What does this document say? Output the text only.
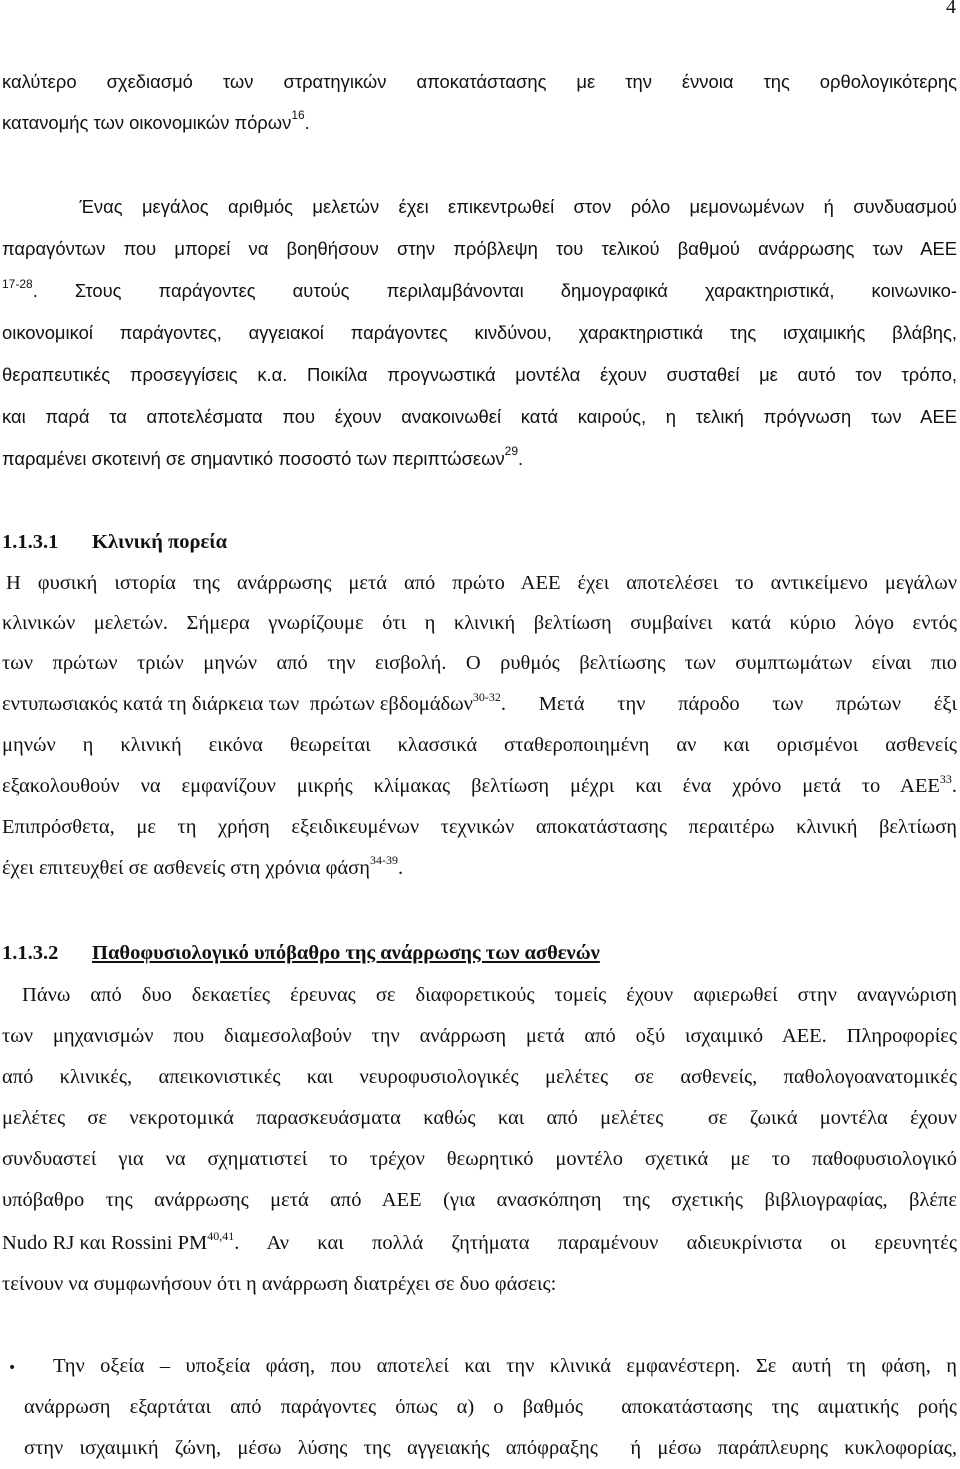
4
καλύτερο σχεδιασμό των στρατηγικών αποκατάστασης με την έννοια της ορθολογικότερης
κατανομής των οικονομικών πόρων$^{16}$.
Ένας μεγάλος αριθμός μελετών έχει επικεντρωθεί στον ρόλο μεμονωμένων ή συνδυασμού
παραγόντων που μπορεί να βοηθήσουν στην πρόβλεψη του τελικού βαθμού ανάρρωσης των ΑΕΕ
$^{17-28}$ . Στους παράγοντες αυτούς περιλαμβάνονται δημογραφικά χαρακτηριστικά, κοινωνικο-
οικονομικοί παράγοντες, αγγειακοί παράγοντες κινδύνου, χαρακτηριστικά της ισχαιμικής βλάβης,
θεραπευτικές προσεγγίσεις κ.α. Ποικίλα προγνωστικά μοντέλα έχουν συσταθεί με αυτό τον τρόπο,
και παρά τα αποτελέσματα που έχουν ανακοινωθεί κατά καιρούς, η τελική πρόγνωση των ΑΕΕ
παραμένει σκοτεινή σε σημαντικό ποσοστό των περιπτώσεων$^{29}$.
1.1.3.1 Κλινική πορεία
Η φυσική ιστορία της ανάρρωσης μετά από πρώτο ΑΕΕ έχει αποτελέσει το αντικείμενο μεγάλων
κλινικών μελετών. Σήμερα γνωρίζουμε ότι η κλινική βελτίωση συμβαίνει κατά κύριο λόγο εντός
των πρώτων τριών μηνών από την εισβολή. Ο ρυθμός βελτίωσης των συμπτωμάτων είναι πιο
εντυπωσιακός κατά τη διάρκεια των  πρώτων εβδομάδων$^{30-32}$ . Μετά την πάροδο των πρώτων έξι
μηνών η κλινική εικόνα θεωρείται κλασσικά σταθεροποιημένη αν και ορισμένοι ασθενείς
εξακολουθούν να εμφανίζουν μικρής κλίμακας βελτίωση μέχρι και ένα χρόνο μετά το ΑΕΕ$^{33}$ .
Επιπρόσθετα, με τη χρήση εξειδικευμένων τεχνικών αποκατάστασης περαιτέρω κλινική βελτίωση
έχει επιτευχθεί σε ασθενείς στη χρόνια φάση$^{34-39}$.
1.1.3.2 Παθοφυσιολογικό υπόβαθρο της ανάρρωσης των ασθενών
Πάνω από δυο δεκαετίες έρευνας σε διαφορετικούς τομείς έχουν αφιερωθεί στην αναγνώριση
των μηχανισμών που διαμεσολαβούν την ανάρρωση μετά από οξύ ισχαιμικό ΑΕΕ. Πληροφορίες
από κλινικές, απεικονιστικές και νευροφυσιολογικές μελέτες σε ασθενείς, παθολογοανατομικές
μελέτες σε νεκροτομικά παρασκευάσματα καθώς και από μελέτες  σε ζωικά μοντέλα έχουν
συνδυαστεί για να σχηματιστεί το τρέχον θεωρητικό μοντέλο σχετικά με το παθοφυσιολογικό
υπόβαθρο της ανάρρωσης μετά από ΑΕΕ (για ανασκόπηση της σχετικής βιβλιογραφίας, βλέπε
Nudo RJ και Rossini PM$^{40,41}$ . Αν και πολλά ζητήματα παραμένουν αδιευκρίνιστα οι ερευνητές
τείνουν να συμφωνήσουν ότι η ανάρρωση διατρέχει σε δυο φάσεις:
• Την οξεία – υποξεία φάση, που αποτελεί και την κλινικά εμφανέστερη. Σε αυτή τη φάση, η
ανάρρωση εξαρτάται από παράγοντες όπως α) ο βαθμός  αποκατάστασης της αιματικής ροής
στην ισχαιμική ζώνη, μέσω λύσης της αγγειακής απόφραξης  ή μέσω παράπλευρης κυκλοφορίας,
